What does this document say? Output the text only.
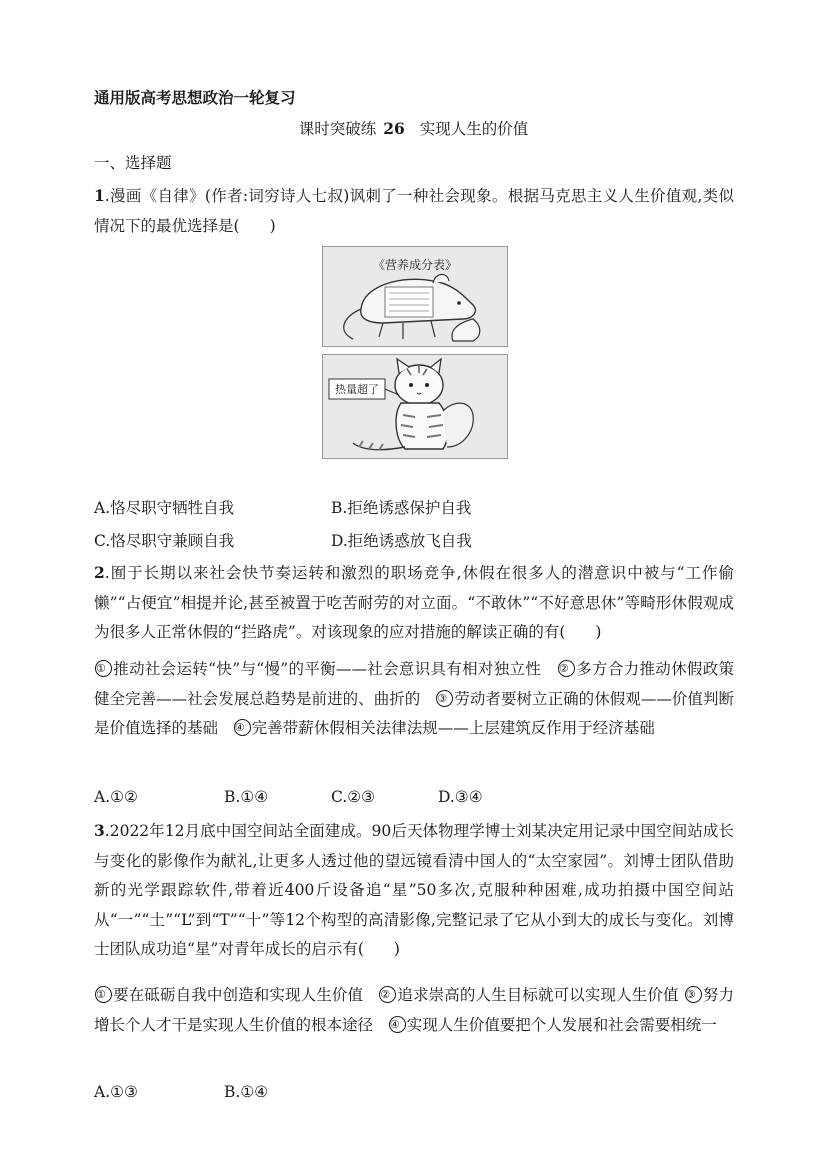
通用版高考思想政治一轮复习
课时突破练 26 实现人生的价值
一、选择题
1.漫画《自律》(作者:词穷诗人七叔)讽刺了一种社会现象。根据马克思主义人生价值观,类似情况下的最优选择是( )
《营养成分表》
热量超了
A.恪尽职守牺牲自我	B.拒绝诱惑保护自我
C.恪尽职守兼顾自我	D.拒绝诱惑放飞自我
2.囿于长期以来社会快节奏运转和激烈的职场竞争,休假在很多人的潜意识中被与“工作偷懒”“占便宜”相提并论,甚至被置于吃苦耐劳的对立面。“不敢休”“不好意思休”等畸形休假观成为很多人正常休假的“拦路虎”。对该现象的应对措施的解读正确的有( )
① 推动社会运转“快”与“慢”的平衡——社会意识具有相对独立性 ② 多方合力推动休假政策健全完善——社会发展总趋势是前进的、曲折的 ③ 劳动者要树立正确的休假观——价值判断是价值选择的基础 ④ 完善带薪休假相关法律法规——上层建筑反作用于经济基础
A.①②	B.①④	C.②③	D.③④
3.2022年12月底中国空间站全面建成。90后天体物理学博士刘某决定用记录中国空间站成长与变化的影像作为献礼,让更多人透过他的望远镜看清中国人的“太空家园”。刘博士团队借助新的光学跟踪软件,带着近400斤设备追“星”50多次,克服种种困难,成功拍摄中国空间站从“一”“土”“L”到“T”“十”等12个构型的高清影像,完整记录了它从小到大的成长与变化。刘博士团队成功追“星”对青年成长的启示有( )
① 要在砥砺自我中创造和实现人生价值 ② 追求崇高的人生目标就可以实现人生价值 ③ 努力增长个人才干是实现人生价值的根本途径 ④ 实现人生价值要把个人发展和社会需要相统一
A.①③	B.①④
